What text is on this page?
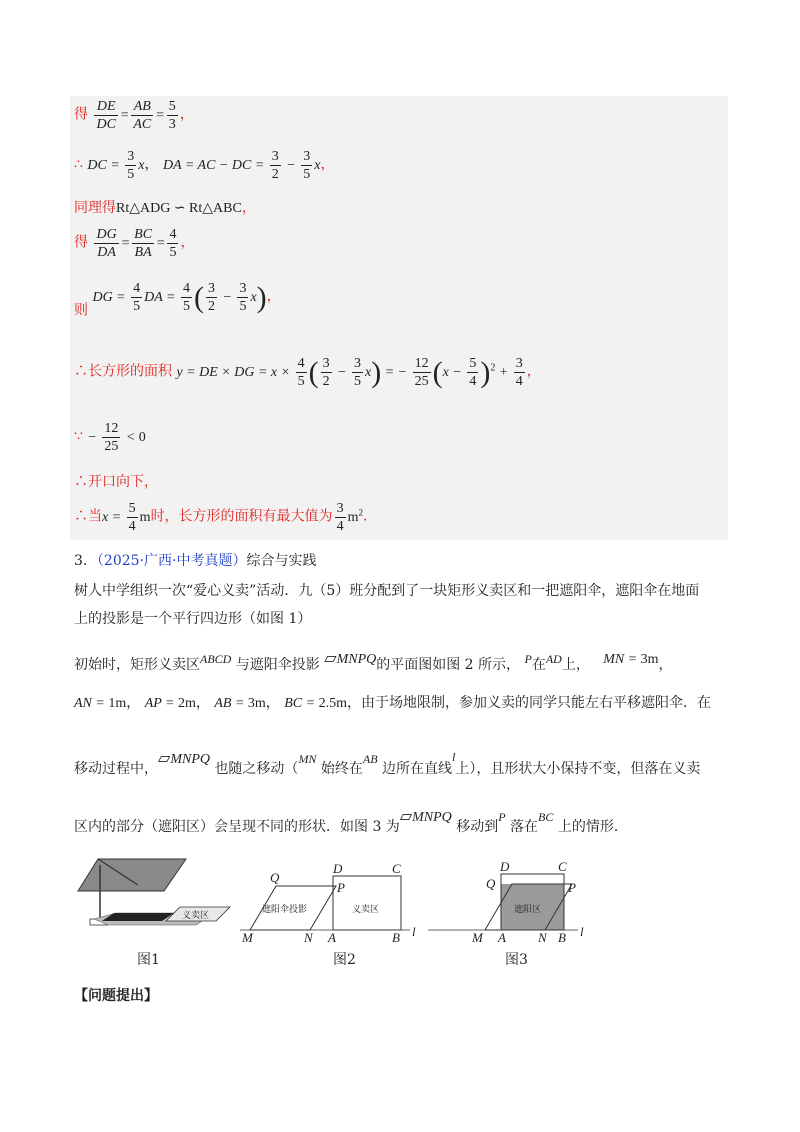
得 $\frac{DE}{DC} = \frac{AB}{AC} = \frac{5}{3}$ ，
∴ DC = $\frac{3}{5}$ x， DA = AC − DC = $\frac{3}{2} - \frac{3}{5}$ x，
同理得Rt△ADG ∽ Rt△ABC，
得 $\frac{DG}{DA} = \frac{BC}{BA} = \frac{4}{5}$ ，
则 DG = $\frac{4}{5}$ DA = $\frac{4}{5}$ ( $\frac{3}{2} - \frac{3}{5} x$)，
∴长方形的面积 y = DE × DG = $x \times \frac{4}{5}$ ( $\frac{3}{2} - \frac{3}{5} x$) = − $\frac{12}{25} (x - \frac{5}{4} )^2 + \frac{3}{4}$ ，
∵ − $\frac{12}{25} < 0$
∴开口向下，
∴当$x = \frac{5}{4}$ m时，长方形的面积有最大值为 $\frac{3}{4} m^2$．
3．（2025·广西·中考真题）综合与实践
树人中学组织一次“爱心义卖”活动．九（5）班分配到了一块矩形义卖区和一把遮阳伞，遮阳伞在地面
上的投影是一个平行四边形（如图 1）
初始时，矩形义卖区ABCD 与遮阳伞投影 ▱MNPQ的平面图如图 2 所示， P在AD上， MN = 3m，
AN = 1m， AP = 2m， AB = 3m， BC = 2.5m，由于场地限制，参加义卖的同学只能左右平移遮阳伞．在
移动过程中，▱MNPQ 也随之移动（MN 始终在AB 边所在直线l上），且形状大小保持不变，但落在义卖
区内的部分（遮阳区）会呈现不同的形状．如图 3 为▱MNPQ 移动到P 落在BC 上的情形．
义卖区
图1
遮阳伞投影	义卖区
Q
D	C
P
M	N A	B l
图2
遮阳区
Q
D	C
P
M A N B l
图3
【问题提出】
